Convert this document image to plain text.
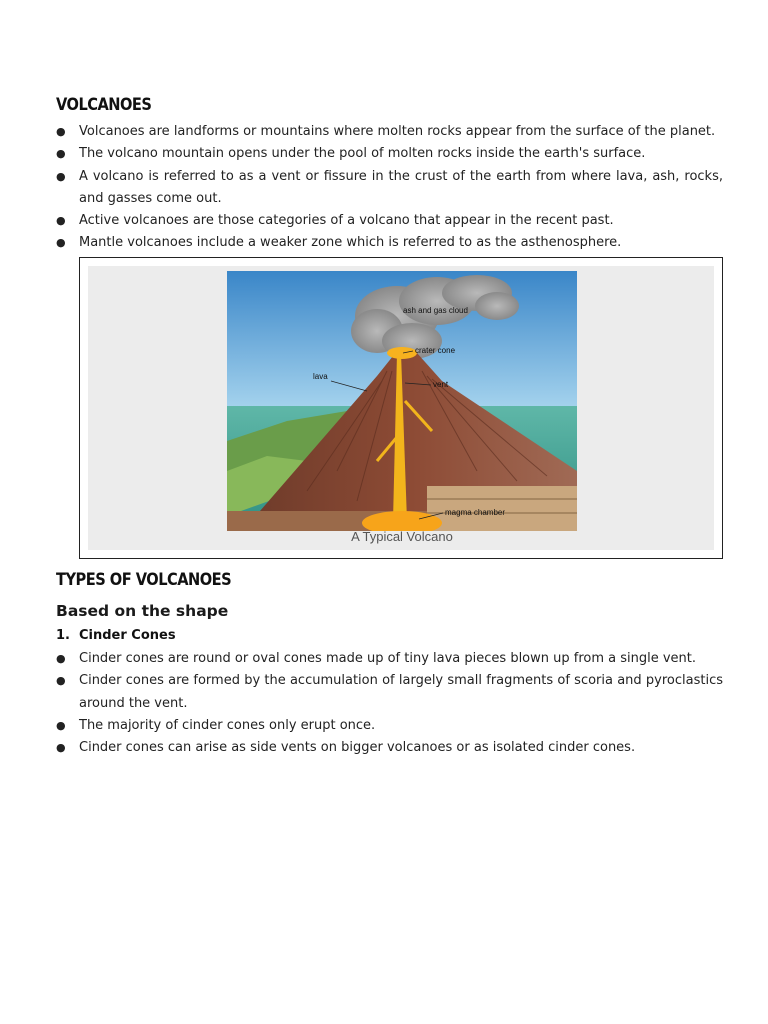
VOLCANOES
● Volcanoes are landforms or mountains where molten rocks appear from the surface of the planet.
● The volcano mountain opens under the pool of molten rocks inside the earth's surface.
● A volcano is referred to as a vent or fissure in the crust of the earth from where lava, ash, rocks, and gasses come out.
● Active volcanoes are those categories of a volcano that appear in the recent past.
● Mantle volcanoes include a weaker zone which is referred to as the asthenosphere.
ash and gas cloud
crater cone
lava
vent
magma chamber
A Typical Volcano
TYPES OF VOLCANOES
Based on the shape
1. Cinder Cones
● Cinder cones are round or oval cones made up of tiny lava pieces blown up from a single vent.
● Cinder cones are formed by the accumulation of largely small fragments of scoria and pyroclastics around the vent.
● The majority of cinder cones only erupt once.
● Cinder cones can arise as side vents on bigger volcanoes or as isolated cinder cones.
